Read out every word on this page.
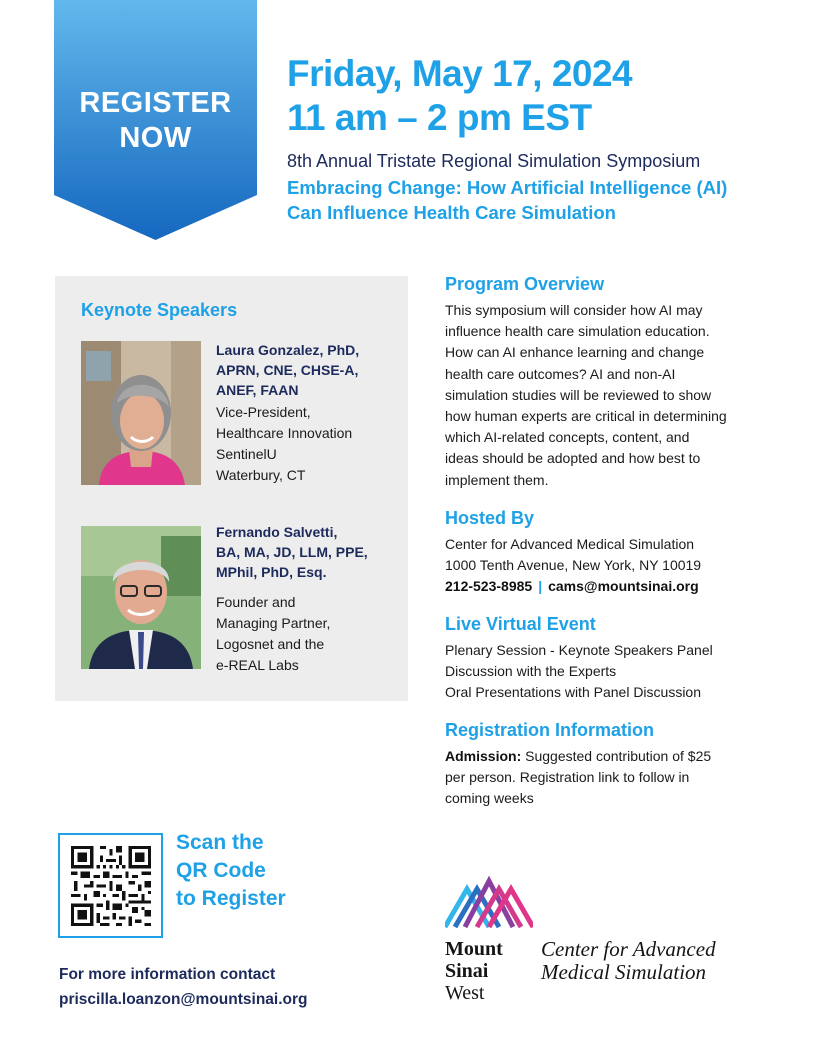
REGISTER
NOW
Friday, May 17, 2024
11 am – 2 pm EST
8th Annual Tristate Regional Simulation Symposium
Embracing Change: How Artificial Intelligence (AI)
Can Influence Health Care Simulation
Keynote Speakers
Laura Gonzalez, PhD,
APRN, CNE, CHSE-A,
ANEF, FAAN
Vice-President,
Healthcare Innovation
SentinelU
Waterbury, CT
Fernando Salvetti,
BA, MA, JD, LLM, PPE,
MPhil, PhD, Esq.
Founder and
Managing Partner,
Logosnet and the
e-REAL Labs
Program Overview
This symposium will consider how AI may
influence health care simulation education.
How can AI enhance learning and change
health care outcomes? AI and non-AI
simulation studies will be reviewed to show
how human experts are critical in determining
which AI-related concepts, content, and
ideas should be adopted and how best to
implement them.
Hosted By
Center for Advanced Medical Simulation
1000 Tenth Avenue, New York, NY 10019
212-523-8985 | cams@mountsinai.org
Live Virtual Event
Plenary Session - Keynote Speakers Panel
Discussion with the Experts
Oral Presentations with Panel Discussion
Registration Information
Admission: Suggested contribution of $25
per person. Registration link to follow in
coming weeks
Scan the
QR Code
to Register
For more information contact
priscilla.loanzon@mountsinai.org
Mount
Sinai
West
Center for Advanced
Medical Simulation
